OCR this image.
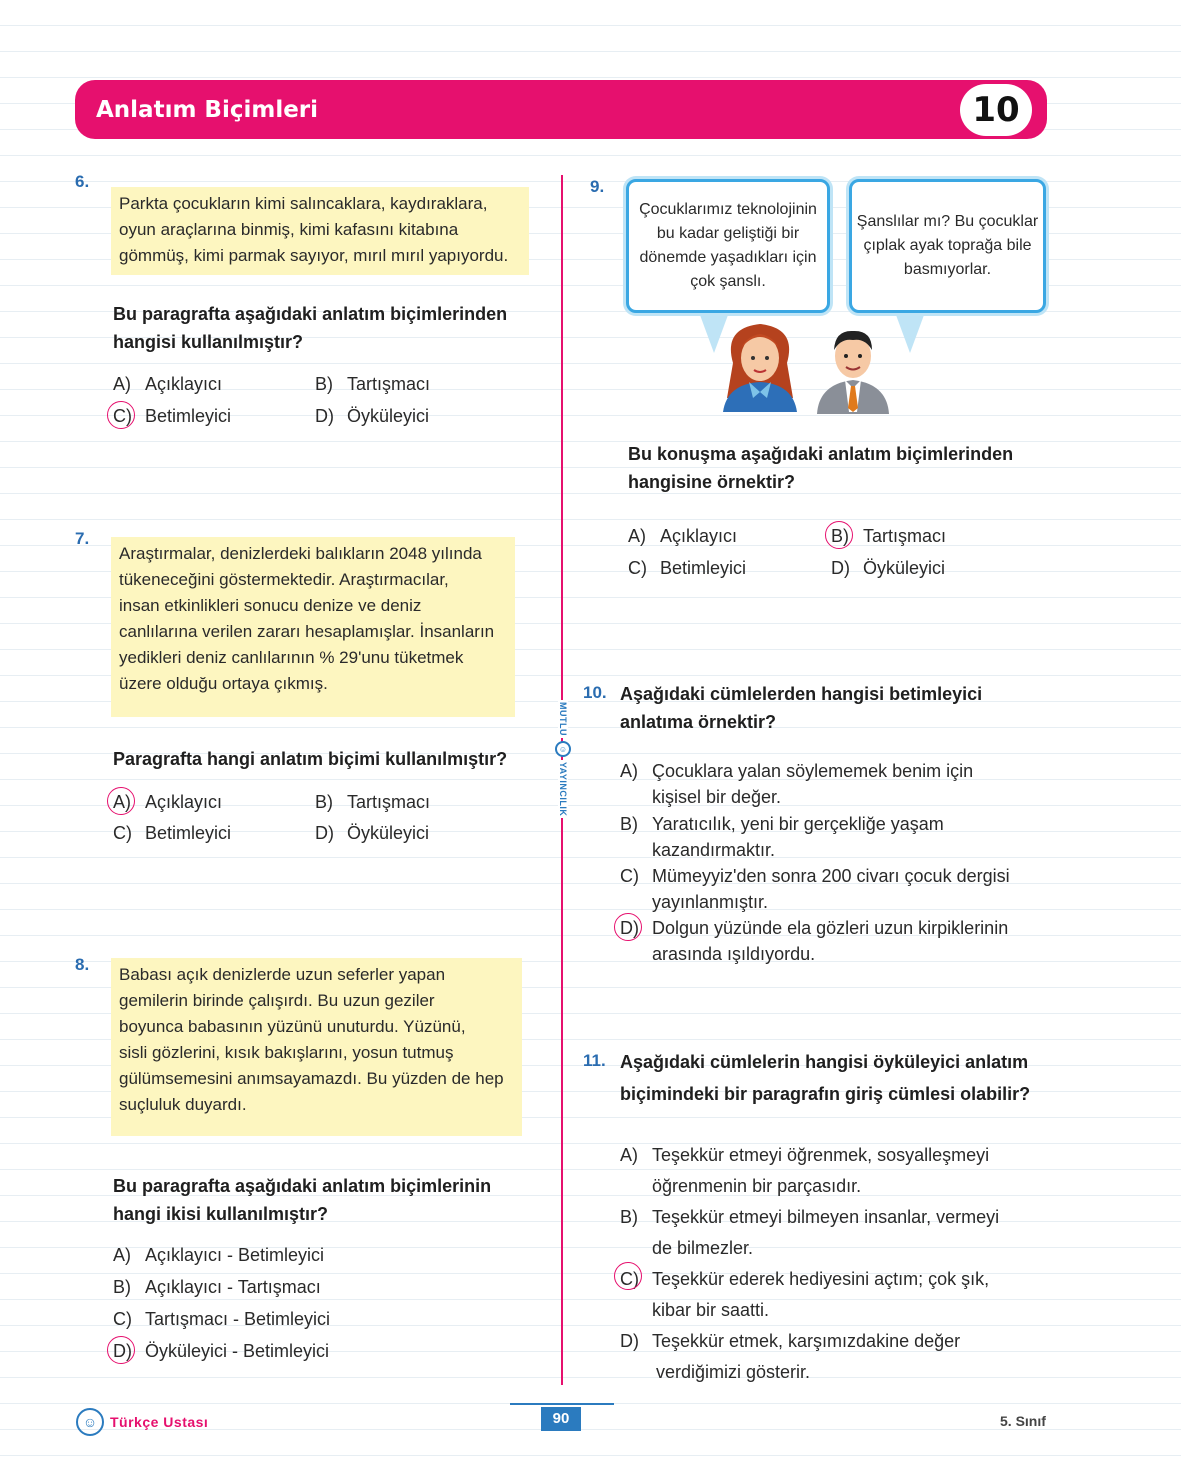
Anlatım Biçimleri	10
MUTLU
☺
YAYINCILIK
6.
Parkta çocukların kimi salıncaklara, kaydıraklara,
oyun araçlarına binmiş, kimi kafasını kitabına
gömmüş, kimi parmak sayıyor, mırıl mırıl yapıyordu.
Bu paragrafta aşağıdaki anlatım biçimlerinden
hangisi kullanılmıştır?
A) Açıklayıcı	B) Tartışmacı
C) Betimleyici	D) Öyküleyici
7.
Araştırmalar, denizlerdeki balıkların 2048 yılında
tükeneceğini göstermektedir. Araştırmacılar,
insan etkinlikleri sonucu denize ve deniz
canlılarına verilen zararı hesaplamışlar. İnsanların
yedikleri deniz canlılarının % 29'unu tüketmek
üzere olduğu ortaya çıkmış.
Paragrafta hangi anlatım biçimi kullanılmıştır?
A) Açıklayıcı	B) Tartışmacı
C) Betimleyici	D) Öyküleyici
8.
Babası açık denizlerde uzun seferler yapan
gemilerin birinde çalışırdı. Bu uzun geziler
boyunca babasının yüzünü unuturdu. Yüzünü,
sisli gözlerini, kısık bakışlarını, yosun tutmuş
gülümsemesini anımsayamazdı. Bu yüzden de hep
suçluluk duyardı.
Bu paragrafta aşağıdaki anlatım biçimlerinin
hangi ikisi kullanılmıştır?
A) Açıklayıcı - Betimleyici
B) Açıklayıcı - Tartışmacı
C) Tartışmacı - Betimleyici
D) Öyküleyici - Betimleyici
9.
Çocuklarımız teknolojinin
bu kadar geliştiği bir
dönemde yaşadıkları için
çok şanslı.
Şanslılar mı? Bu çocuklar
çıplak ayak toprağa bile
basmıyorlar.
Bu konuşma aşağıdaki anlatım biçimlerinden
hangisine örnektir?
A) Açıklayıcı	B) Tartışmacı
C) Betimleyici	D) Öyküleyici
10. Aşağıdaki cümlelerden hangisi betimleyici
anlatıma örnektir?
A) Çocuklara yalan söylememek benim için
kişisel bir değer.
B) Yaratıcılık, yeni bir gerçekliğe yaşam
kazandırmaktır.
C) Mümeyyiz'den sonra 200 civarı çocuk dergisi
yayınlanmıştır.
D) Dolgun yüzünde ela gözleri uzun kirpiklerinin
arasında ışıldıyordu.
11. Aşağıdaki cümlelerin hangisi öyküleyici anlatım
biçimindeki bir paragrafın giriş cümlesi olabilir?
A) Teşekkür etmeyi öğrenmek, sosyalleşmeyi
öğrenmenin bir parçasıdır.
B) Teşekkür etmeyi bilmeyen insanlar, vermeyi
de bilmezler.
C) Teşekkür ederek hediyesini açtım; çok şık,
kibar bir saatti.
D) Teşekkür etmek, karşımızdakine değer
verdiğimizi gösterir.
☺ Türkçe Ustası	90	5. Sınıf
